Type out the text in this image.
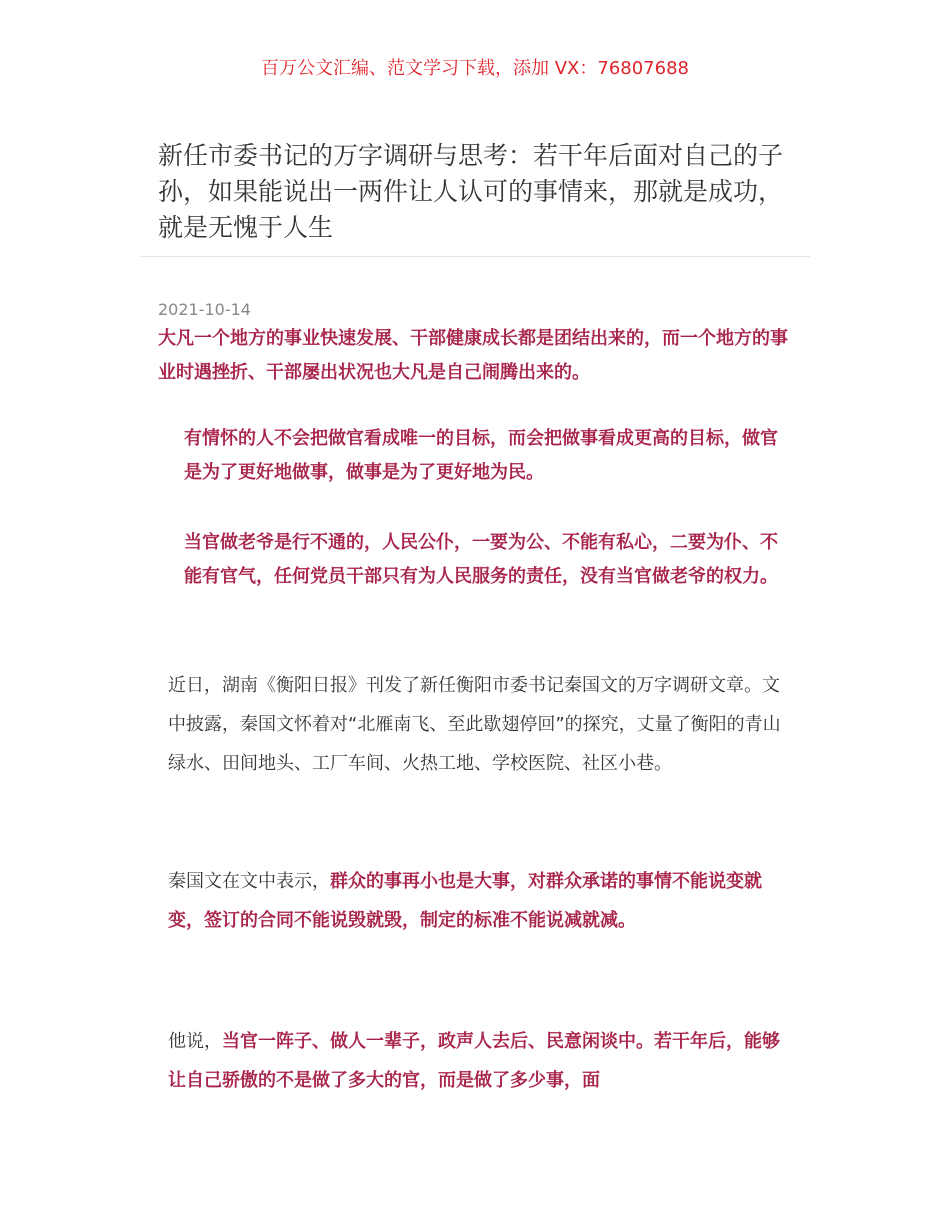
百万公文汇编、范文学习下载，添加 VX：76807688
新任市委书记的万字调研与思考：若干年后面对自己的子孙，如果能说出一两件让人认可的事情来，那就是成功，就是无愧于人生
2021-10-14
大凡一个地方的事业快速发展、干部健康成长都是团结出来的，而一个地方的事业时遇挫折、干部屡出状况也大凡是自己闹腾出来的。
有情怀的人不会把做官看成唯一的目标，而会把做事看成更高的目标，做官是为了更好地做事，做事是为了更好地为民。
当官做老爷是行不通的，人民公仆，一要为公、不能有私心，二要为仆、不能有官气，任何党员干部只有为人民服务的责任，没有当官做老爷的权力。
近日，湖南《衡阳日报》刊发了新任衡阳市委书记秦国文的万字调研文章。文中披露，秦国文怀着对“北雁南飞、至此歇翅停回”的探究，丈量了衡阳的青山绿水、田间地头、工厂车间、火热工地、学校医院、社区小巷。
秦国文在文中表示，群众的事再小也是大事，对群众承诺的事情不能说变就变，签订的合同不能说毁就毁，制定的标准不能说减就减。
他说，当官一阵子、做人一辈子，政声人去后、民意闲谈中。若干年后，能够让自己骄傲的不是做了多大的官，而是做了多少事，面
